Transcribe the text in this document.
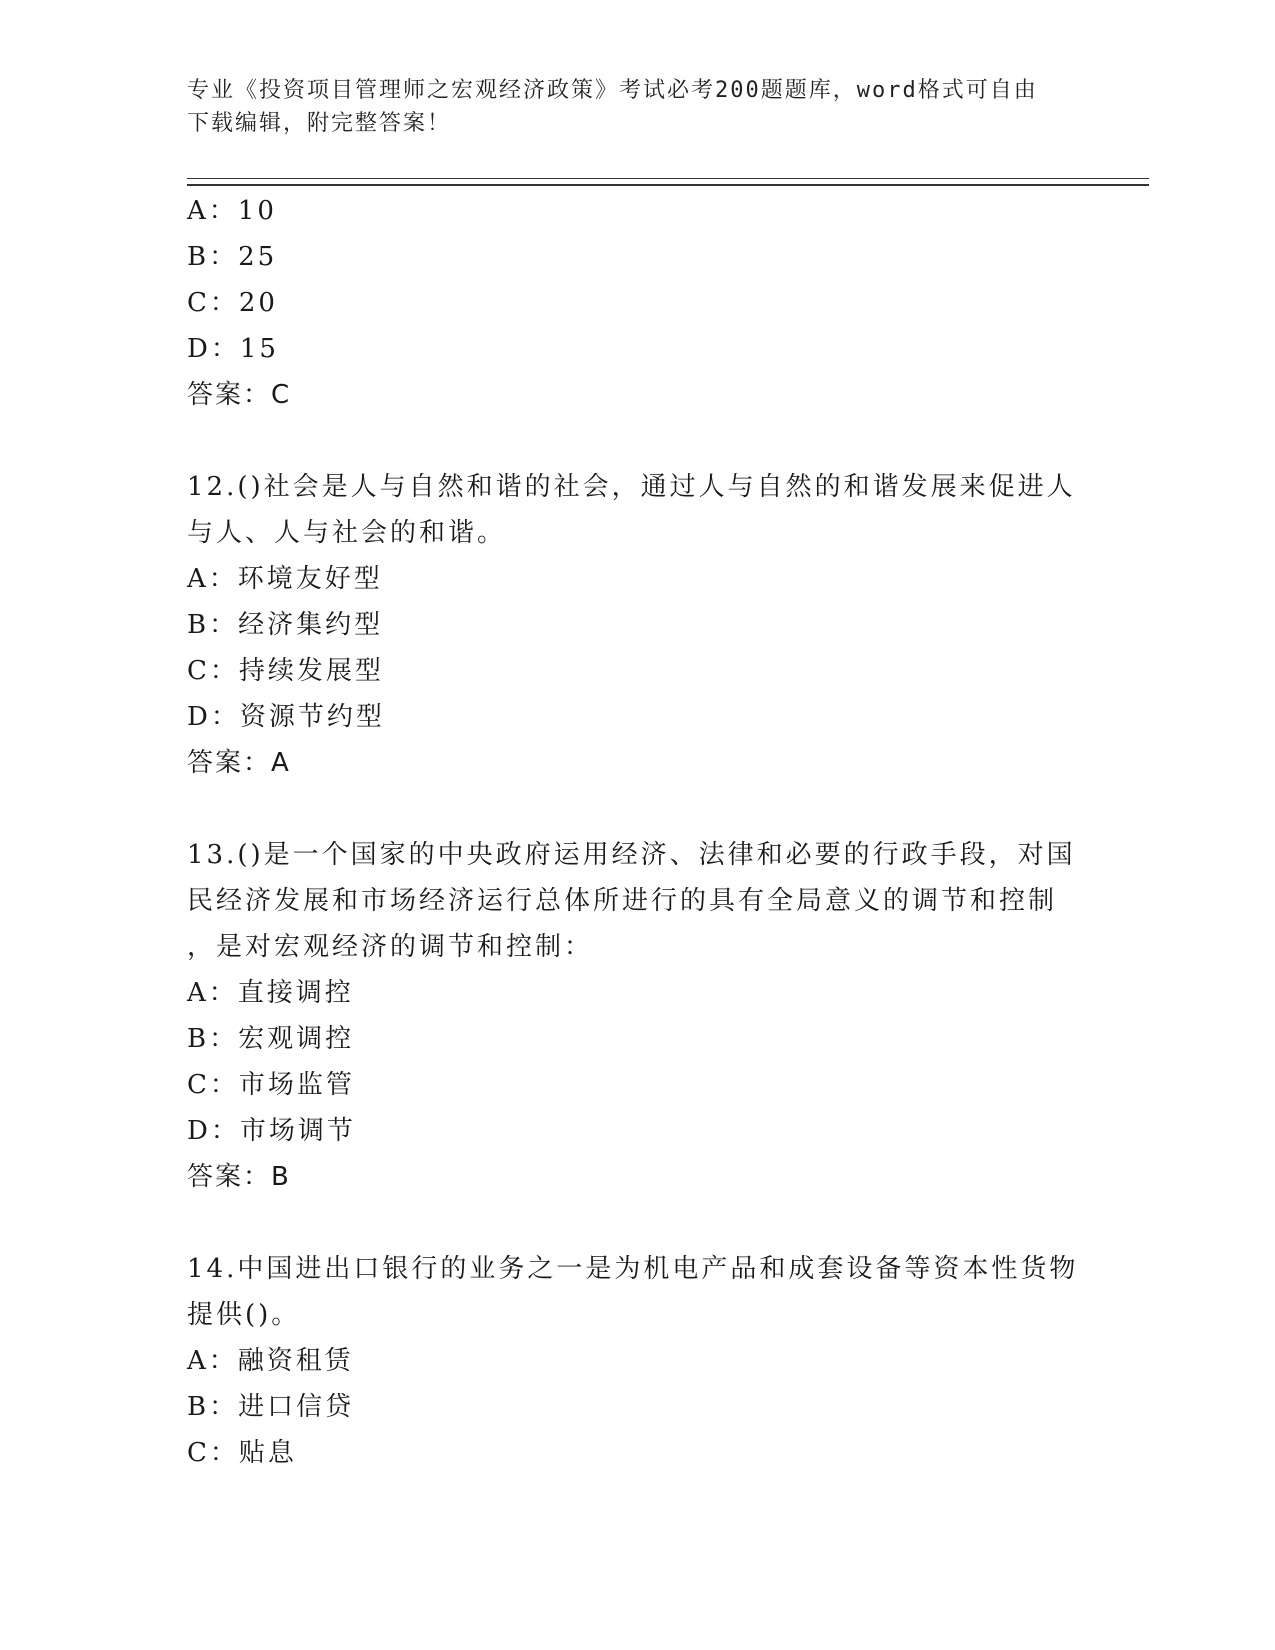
专业《投资项目管理师之宏观经济政策》考试必考200题题库，word格式可自由
下载编辑，附完整答案！
A：10
B：25
C：20
D：15
答案：C
12.()社会是人与自然和谐的社会，通过人与自然的和谐发展来促进人
与人、人与社会的和谐。
A：环境友好型
B：经济集约型
C：持续发展型
D：资源节约型
答案：A
13.()是一个国家的中央政府运用经济、法律和必要的行政手段，对国
民经济发展和市场经济运行总体所进行的具有全局意义的调节和控制
，是对宏观经济的调节和控制：
A：直接调控
B：宏观调控
C：市场监管
D：市场调节
答案：B
14.中国进出口银行的业务之一是为机电产品和成套设备等资本性货物
提供()。
A：融资租赁
B：进口信贷
C：贴息
